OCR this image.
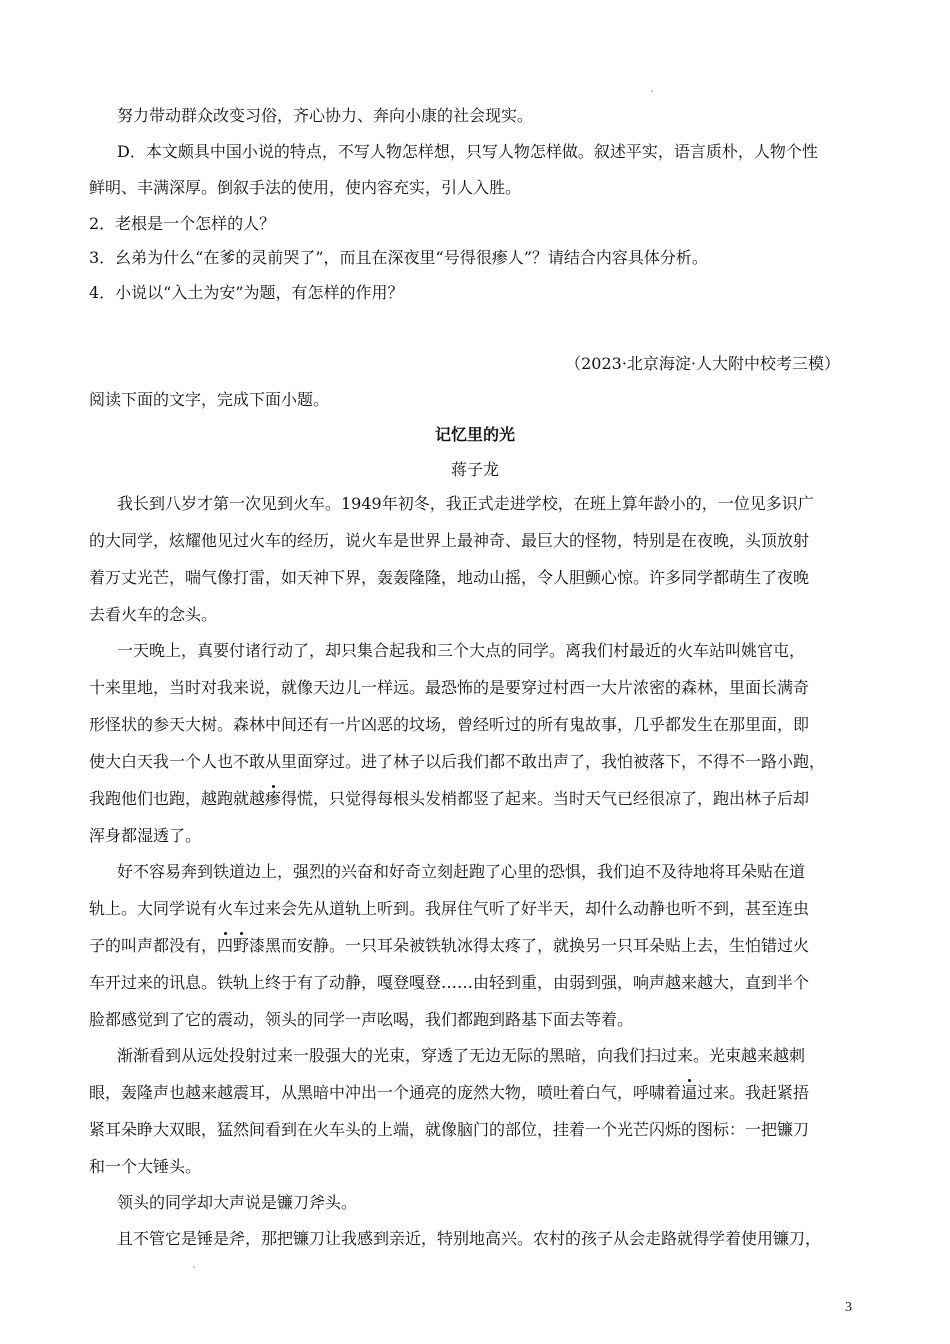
努力带动群众改变习俗，齐心协力、奔向小康的社会现实。
D．本文颇具中国小说的特点，不写人物怎样想，只写人物怎样做。叙述平实，语言质朴，人物个性
鲜明、丰满深厚。倒叙手法的使用，使内容充实，引人入胜。
2．老根是一个怎样的人？
3．幺弟为什么“在爹的灵前哭了”，而且在深夜里“号得很瘆人”？请结合内容具体分析。
4．小说以“入土为安”为题，有怎样的作用？
（2023·北京海淀·人大附中校考三模）
阅读下面的文字，完成下面小题。
记忆里的光
蒋子龙
我长到八岁才第一次见到火车。1949年初冬，我正式走进学校，在班上算年龄小的，一位见多识广
的大同学，炫耀他见过火车的经历，说火车是世界上最神奇、最巨大的怪物，特别是在夜晚，头顶放射
着万丈光芒，喘气像打雷，如天神下界，轰轰隆隆，地动山摇，令人胆颤心惊。许多同学都萌生了夜晚
去看火车的念头。
一天晚上，真要付诸行动了，却只集合起我和三个大点的同学。离我们村最近的火车站叫姚官屯，
十来里地，当时对我来说，就像天边儿一样远。最恐怖的是要穿过村西一大片浓密的森林，里面长满奇
形怪状的参天大树。森林中间还有一片凶恶的坟场，曾经听过的所有鬼故事，几乎都发生在那里面，即
使大白天我一个人也不敢从里面穿过。进了林子以后我们都不敢出声了，我怕被落下，不得不一路小跑，
我跑他们也跑，越跑就越瘆得慌，只觉得每根头发梢都竖了起来。当时天气已经很凉了，跑出林子后却
浑身都湿透了。
好不容易奔到铁道边上，强烈的兴奋和好奇立刻赶跑了心里的恐惧，我们迫不及待地将耳朵贴在道
轨上。大同学说有火车过来会先从道轨上听到。我屏住气听了好半天，却什么动静也听不到，甚至连虫
子的叫声都没有，四野漆黑而安静。一只耳朵被铁轨冰得太疼了，就换另一只耳朵贴上去，生怕错过火
车开过来的讯息。铁轨上终于有了动静，嘎登嘎登……由轻到重，由弱到强，响声越来越大，直到半个
脸都感觉到了它的震动，领头的同学一声吆喝，我们都跑到路基下面去等着。
渐渐看到从远处投射过来一股强大的光束，穿透了无边无际的黑暗，向我们扫过来。光束越来越刺
眼，轰隆声也越来越震耳，从黑暗中冲出一个通亮的庞然大物，喷吐着白气，呼啸着逼过来。我赶紧捂
紧耳朵睁大双眼，猛然间看到在火车头的上端，就像脑门的部位，挂着一个光芒闪烁的图标：一把镰刀
和一个大锤头。
领头的同学却大声说是镰刀斧头。
且不管它是锤是斧，那把镰刀让我感到亲近，特别地高兴。农村的孩子从会走路就得学着使用镰刀，
3
